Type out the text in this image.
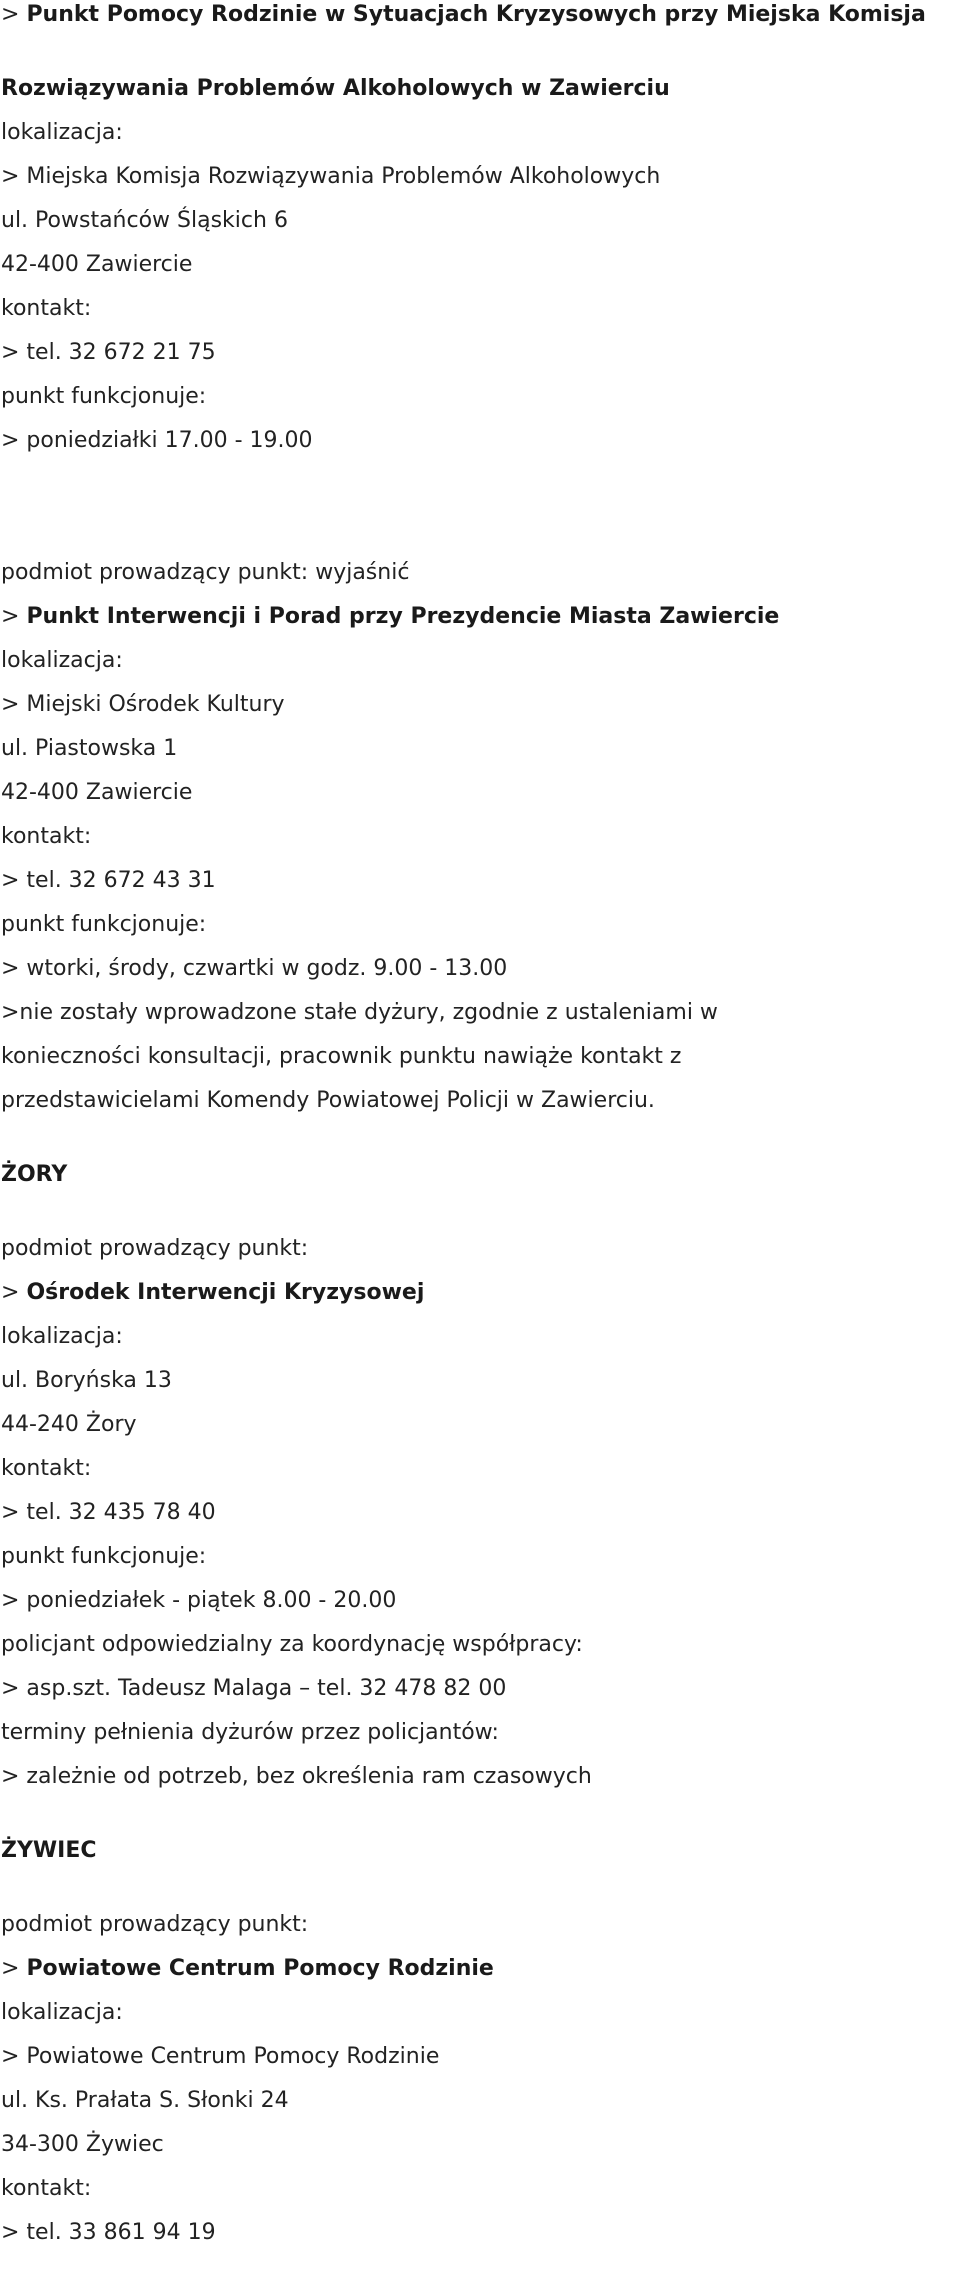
> Punkt Pomocy Rodzinie w Sytuacjach Kryzysowych przy Miejska Komisja
Rozwiązywania Problemów Alkoholowych w Zawierciu
lokalizacja:
> Miejska Komisja Rozwiązywania Problemów Alkoholowych
ul. Powstańców Śląskich 6
42-400 Zawiercie
kontakt:
> tel. 32 672 21 75
punkt funkcjonuje:
> poniedziałki 17.00 - 19.00
podmiot prowadzący punkt: wyjaśnić
> Punkt Interwencji i Porad przy Prezydencie Miasta Zawiercie
lokalizacja:
> Miejski Ośrodek Kultury
ul. Piastowska 1
42-400 Zawiercie
kontakt:
> tel. 32 672 43 31
punkt funkcjonuje:
> wtorki, środy, czwartki w godz. 9.00 - 13.00
>nie zostały wprowadzone stałe dyżury, zgodnie z ustaleniami w
konieczności konsultacji, pracownik punktu nawiąże kontakt z
przedstawicielami Komendy Powiatowej Policji w Zawierciu.
ŻORY
podmiot prowadzący punkt:
> Ośrodek Interwencji Kryzysowej
lokalizacja:
ul. Boryńska 13
44-240 Żory
kontakt:
> tel. 32 435 78 40
punkt funkcjonuje:
> poniedziałek - piątek 8.00 - 20.00
policjant odpowiedzialny za koordynację współpracy:
> asp.szt. Tadeusz Malaga – tel. 32 478 82 00
terminy pełnienia dyżurów przez policjantów:
> zależnie od potrzeb, bez określenia ram czasowych
ŻYWIEC
podmiot prowadzący punkt:
> Powiatowe Centrum Pomocy Rodzinie
lokalizacja:
> Powiatowe Centrum Pomocy Rodzinie
ul. Ks. Prałata S. Słonki 24
34-300 Żywiec
kontakt:
> tel. 33 861 94 19
